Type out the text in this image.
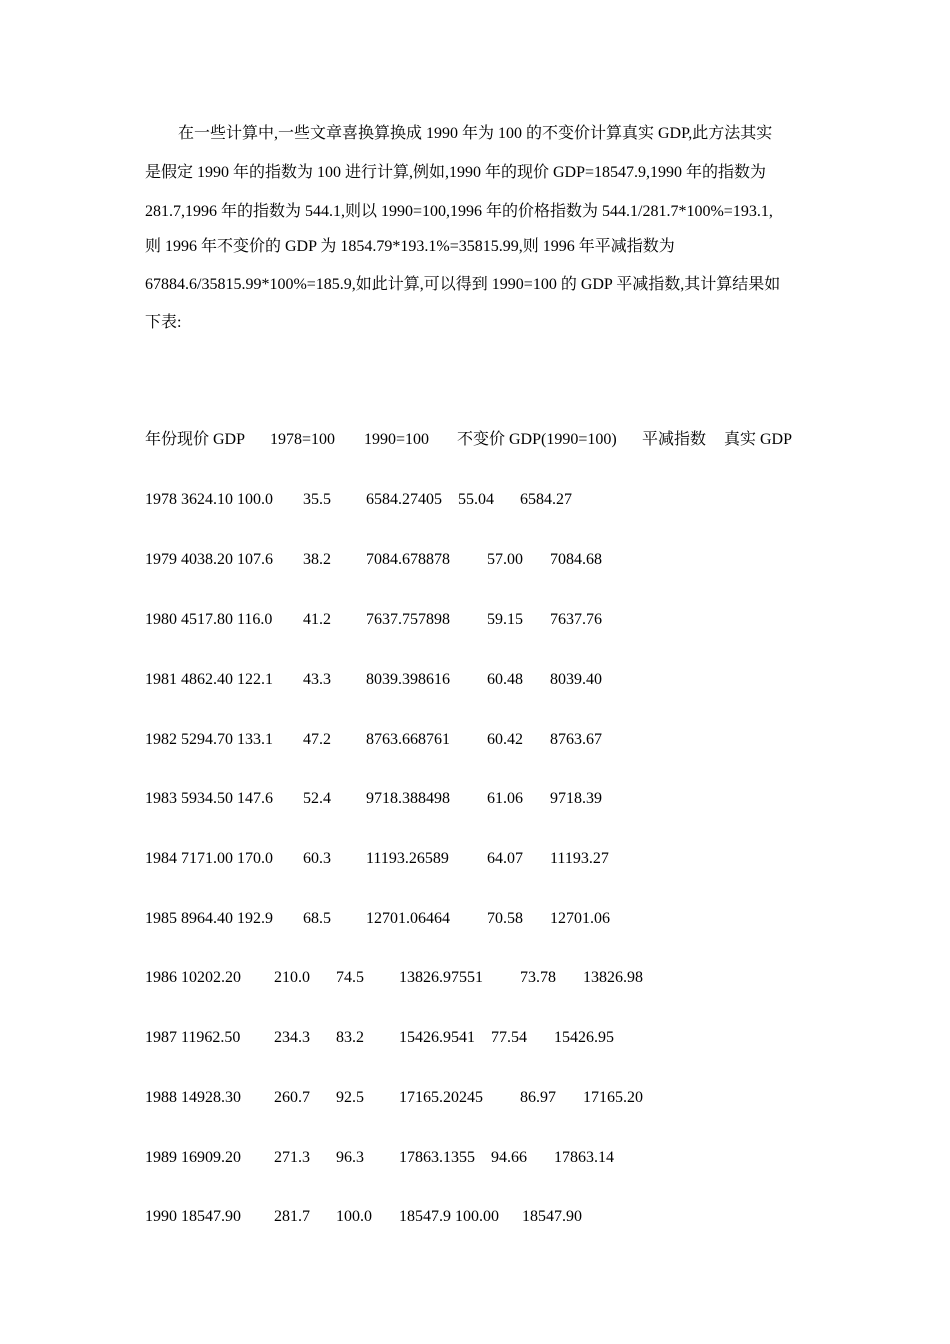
在一些计算中,一些文章喜换算换成 1990 年为 100 的不变价计算真实 GDP,此方法其实
是假定 1990 年的指数为 100 进行计算,例如,1990 年的现价 GDP=18547.9,1990 年的指数为
281.7,1996 年的指数为 544.1,则以 1990=100,1996 年的价格指数为 544.1/281.7*100%=193.1,
则 1996 年不变价的 GDP 为 1854.79*193.1%=35815.99,则 1996 年平减指数为
67884.6/35815.99*100%=185.9,如此计算,可以得到 1990=100 的 GDP 平减指数,其计算结果如
下表:
年份现价 GDP 1978=100 1990=100 不变价 GDP(1990=100) 平减指数 真实 GDP
1978 3624.10 100.0 35.5 6584.27405 55.04 6584.27
1979 4038.20 107.6 38.2 7084.678878 57.00 7084.68
1980 4517.80 116.0 41.2 7637.757898 59.15 7637.76
1981 4862.40 122.1 43.3 8039.398616 60.48 8039.40
1982 5294.70 133.1 47.2 8763.668761 60.42 8763.67
1983 5934.50 147.6 52.4 9718.388498 61.06 9718.39
1984 7171.00 170.0 60.3 11193.26589 64.07 11193.27
1985 8964.40 192.9 68.5 12701.06464 70.58 12701.06
1986 10202.20 210.0 74.5 13826.97551 73.78 13826.98
1987 11962.50 234.3 83.2 15426.9541 77.54 15426.95
1988 14928.30 260.7 92.5 17165.20245 86.97 17165.20
1989 16909.20 271.3 96.3 17863.1355 94.66 17863.14
1990 18547.90 281.7 100.0 18547.9 100.00 18547.90
